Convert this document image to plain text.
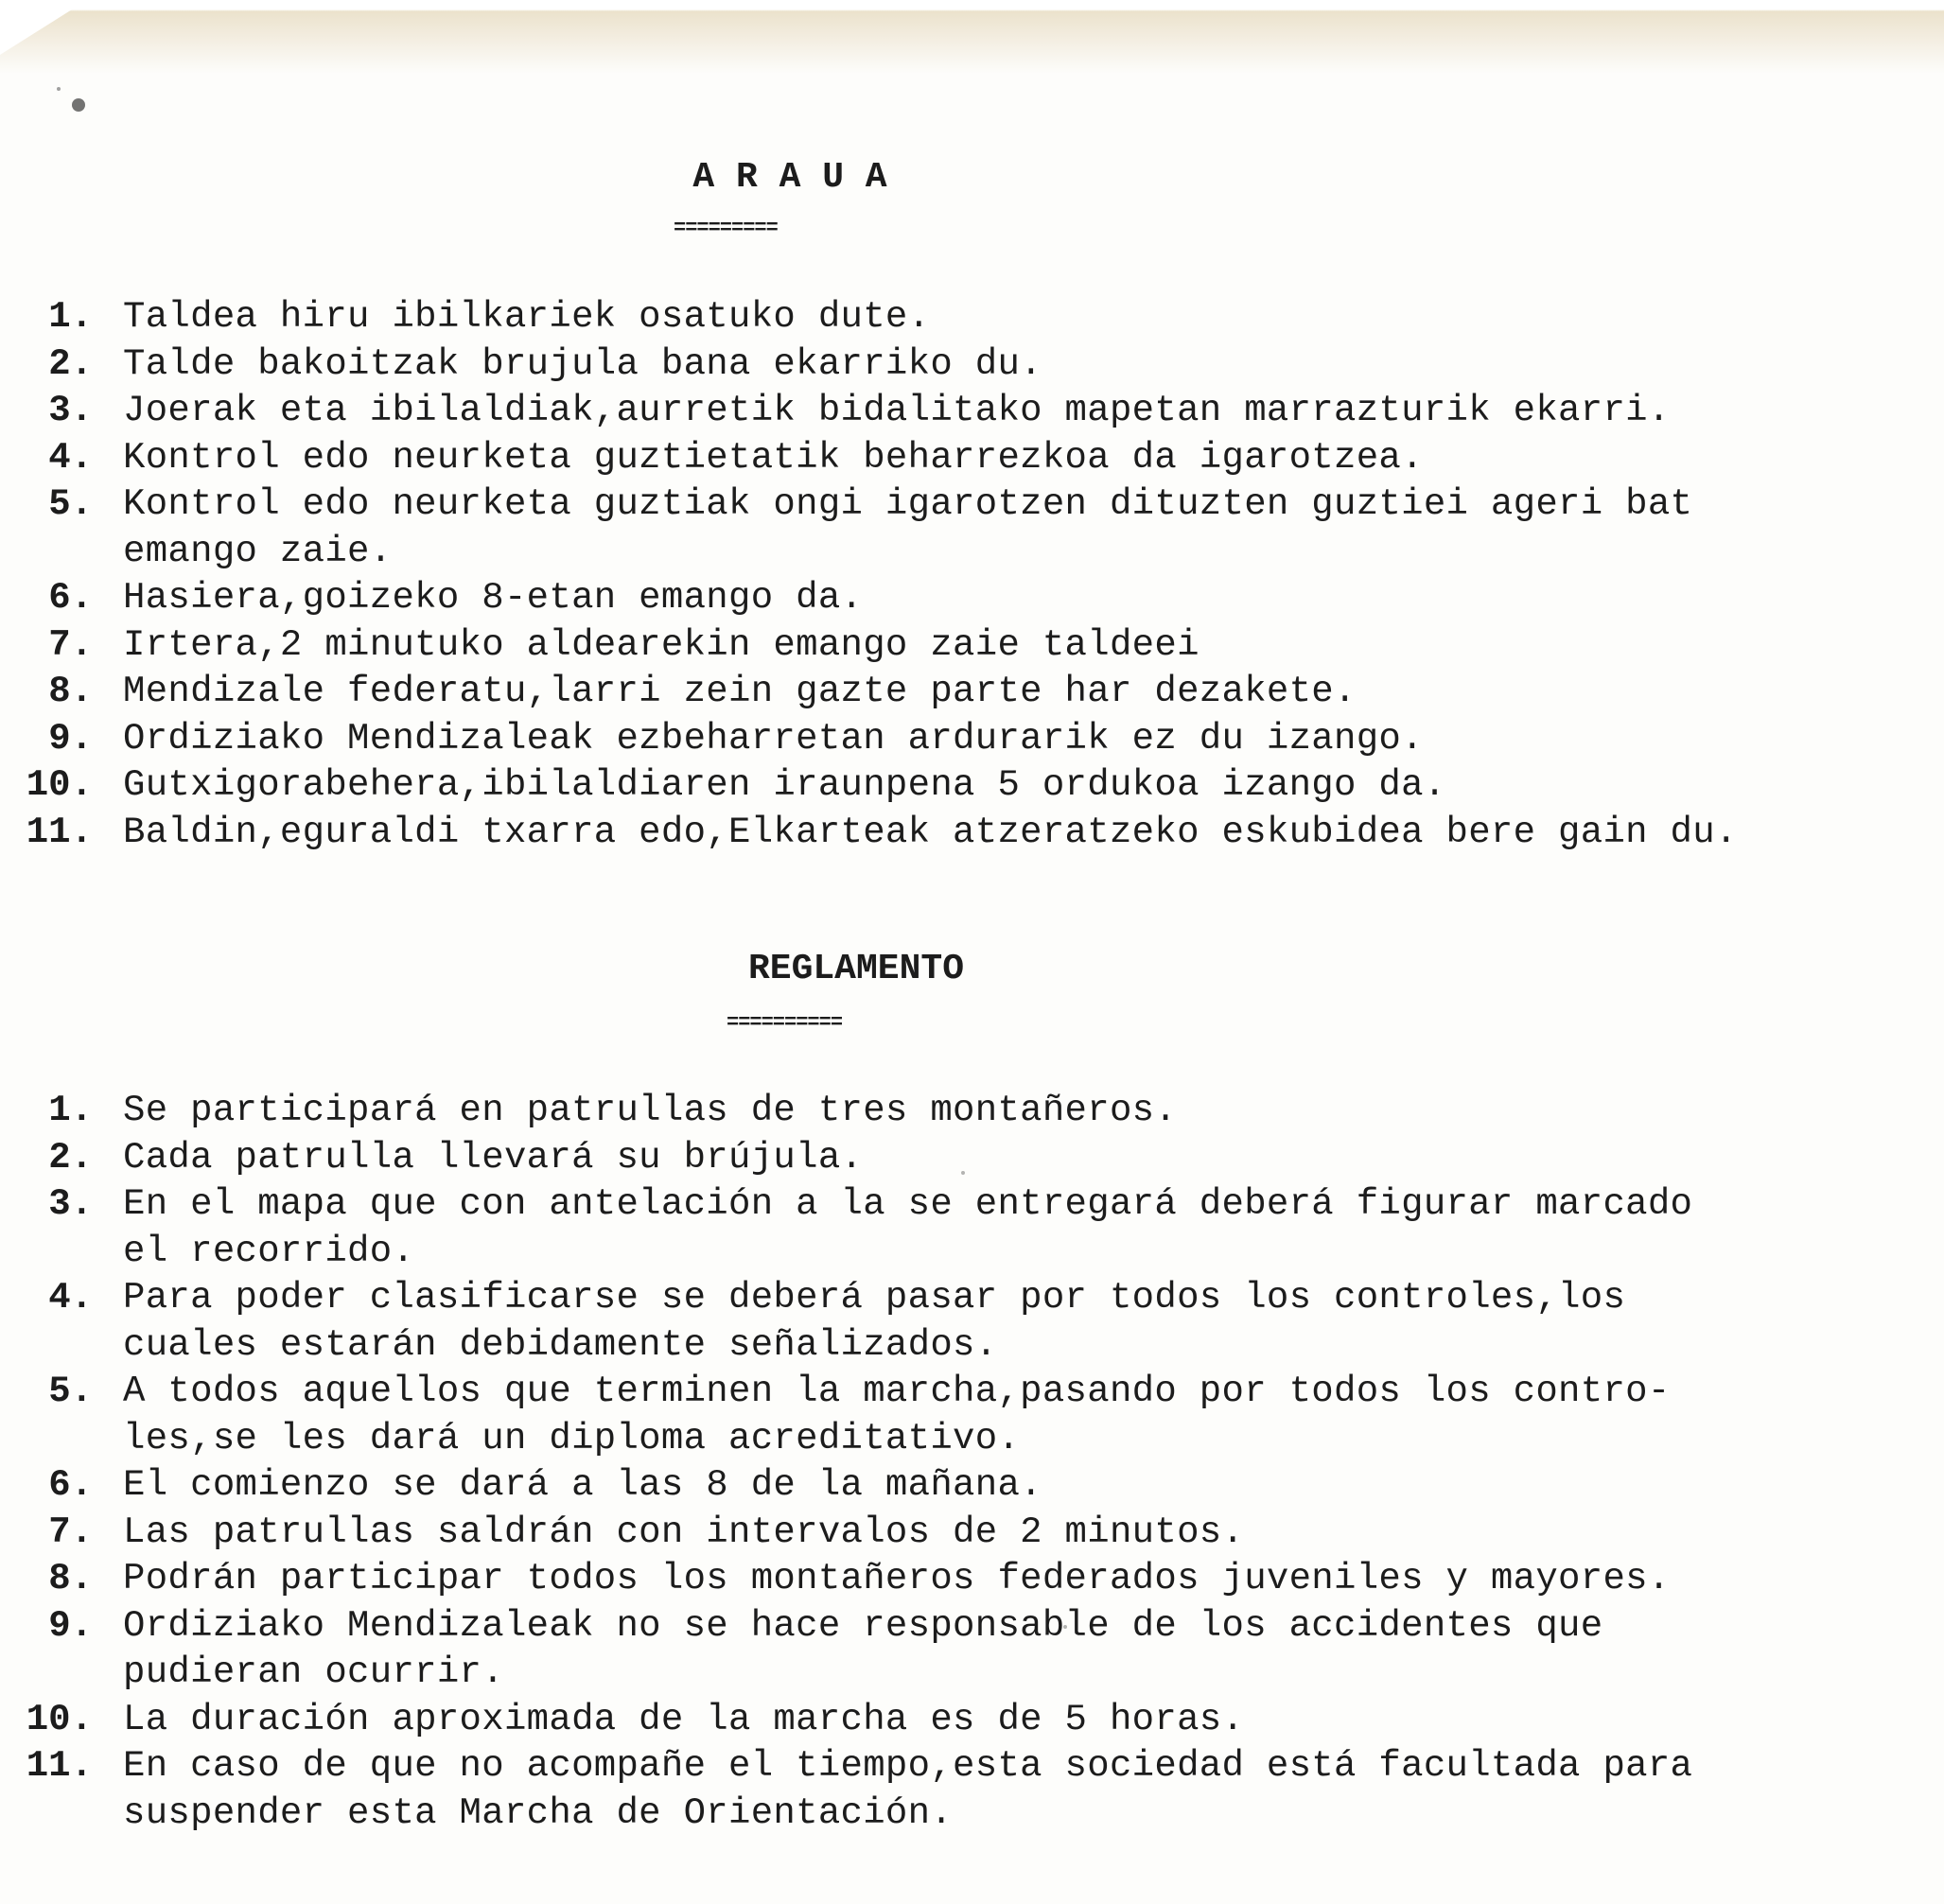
A R A U A
=========
1. Taldea hiru ibilkariek osatuko dute.
2. Talde bakoitzak brujula bana ekarriko du.
3. Joerak eta ibilaldiak,aurretik bidalitako mapetan marrazturik ekarri.
4. Kontrol edo neurketa guztietatik beharrezkoa da igarotzea.
5. Kontrol edo neurketa guztiak ongi igarotzen dituzten guztiei ageri bat
emango zaie.
6. Hasiera,goizeko 8-etan emango da.
7. Irtera,2 minutuko aldearekin emango zaie taldeei
8. Mendizale federatu,larri zein gazte parte har dezakete.
9. Ordiziako Mendizaleak ezbeharretan ardurarik ez du izango.
10. Gutxigorabehera,ibilaldiaren iraunpena 5 ordukoa izango da.
11. Baldin,eguraldi txarra edo,Elkarteak atzeratzeko eskubidea bere gain du.
REGLAMENTO
==========
1. Se participará en patrullas de tres montañeros.
2. Cada patrulla llevará su brújula.
3. En el mapa que con antelación a la se entregará deberá figurar marcado
el recorrido.
4. Para poder clasificarse se deberá pasar por todos los controles,los
cuales estarán debidamente señalizados.
5. A todos aquellos que terminen la marcha,pasando por todos los contro-
les,se les dará un diploma acreditativo.
6. El comienzo se dará a las 8 de la mañana.
7. Las patrullas saldrán con intervalos de 2 minutos.
8. Podrán participar todos los montañeros federados juveniles y mayores.
9. Ordiziako Mendizaleak no se hace responsable de los accidentes que
pudieran ocurrir.
10. La duración aproximada de la marcha es de 5 horas.
11. En caso de que no acompañe el tiempo,esta sociedad está facultada para
suspender esta Marcha de Orientación.
